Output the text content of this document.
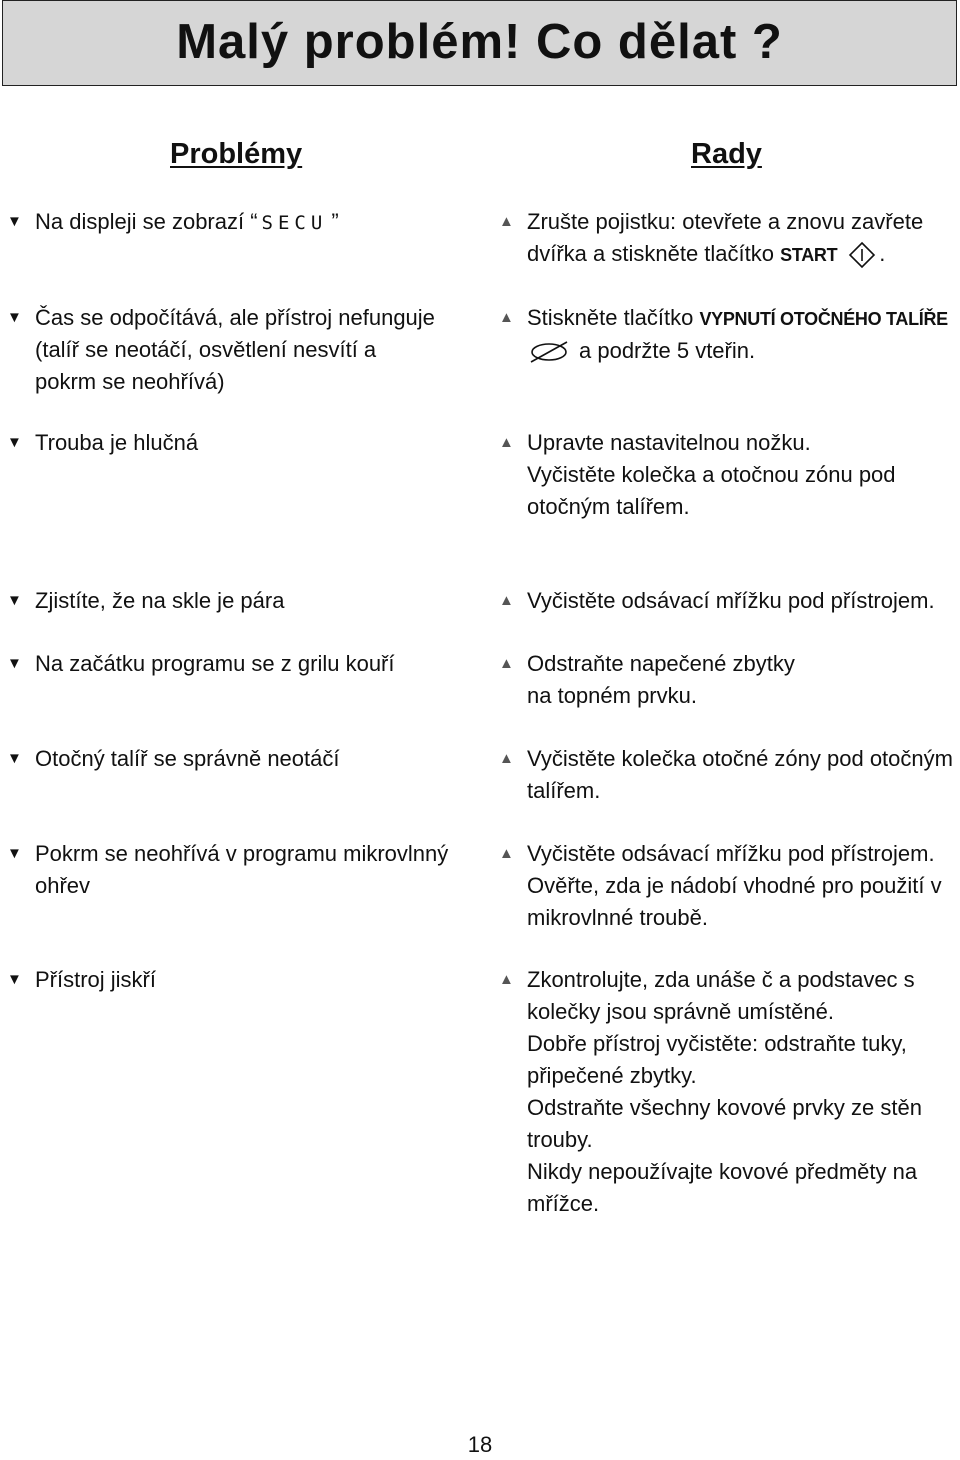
Malý problém! Co dělat ?
Problémy	Rady
▼ Na displeji se zobrazí “ SECU ”
▼ Čas se odpočítává, ale přístroj nefunguje
(talíř se neotáčí, osvětlení nesvítí a
pokrm se neohřívá)
▼ Trouba je hlučná
▼ Zjistíte, že na skle je pára
▼ Na začátku programu se z grilu kouří
▼ Otočný talíř se správně neotáčí
▼ Pokrm se neohřívá v programu mikrovlnný
ohřev
▼ Přístroj jiskří
▲ Zrušte pojistku: otevřete a znovu zavřete
dvířka a stiskněte tlačítko START .
▲ Stiskněte tlačítko VYPNUTÍ OTOČNÉHO TALÍŘE
a podržte 5 vteřin.
▲ Upravte nastavitelnou nožku.
Vyčistěte kolečka a otočnou zónu pod
otočným talířem.
▲ Vyčistěte odsávací mřížku pod přístrojem.
▲ Odstraňte napečené zbytky
na topném prvku.
▲ Vyčistěte kolečka otočné zóny pod otočným
talířem.
▲ Vyčistěte odsávací mřížku pod přístrojem.
Ověřte, zda je nádobí vhodné pro použití v
mikrovlnné troubě.
▲ Zkontrolujte, zda unáše č a podstavec s
kolečky jsou správně umístěné.
Dobře přístroj vyčistěte: odstraňte tuky,
připečené zbytky.
Odstraňte všechny kovové prvky ze stěn
trouby.
Nikdy nepoužívajte kovové předměty na
mřížce.
18
